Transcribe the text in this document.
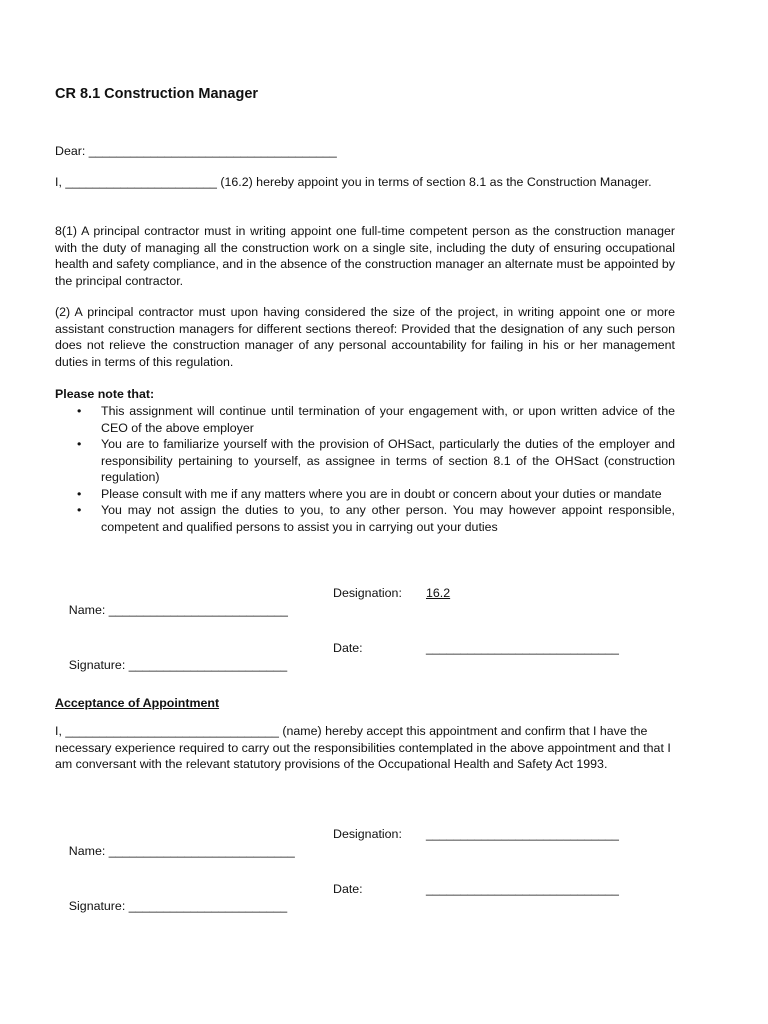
CR 8.1 Construction Manager
Dear: ____________________________________

I, ______________________ (16.2) hereby appoint you in terms of section 8.1 as the Construction Manager.

8(1) A principal contractor must in writing appoint one full-time competent person as the construction manager with the duty of managing all the construction work on a single site, including the duty of ensuring occupational health and safety compliance, and in the absence of the construction manager an alternate must be appointed by the principal contractor.

(2) A principal contractor must upon having considered the size of the project, in writing appoint one or more assistant construction managers for different sections thereof: Provided that the designation of any such person does not relieve the construction manager of any personal accountability for failing in his or her management duties in terms of this regulation.

Please note that:
• This assignment will continue until termination of your engagement with, or upon written advice of the CEO of the above employer
• You are to familiarize yourself with the provision of OHSact, particularly the duties of the employer and responsibility pertaining to yourself, as assignee in terms of section 8.1 of the OHSact (construction regulation)
• Please consult with me if any matters where you are in doubt or concern about your duties or mandate
• You may not assign the duties to you, to any other person. You may however appoint responsible, competent and qualified persons to assist you in carrying out your duties

Name: __________________________

Designation:

16.2

Signature: _______________________

Date:

	____________________________

Acceptance of Appointment

I, _______________________________ (name) hereby accept this appointment and confirm that I have the necessary experience required to carry out the responsibilities contemplated in the above appointment and that I am conversant with the relevant statutory provisions of the Occupational Health and Safety Act 1993.

Name: ___________________________

Designation:

____________________________

Signature: _______________________

Date:

	____________________________
